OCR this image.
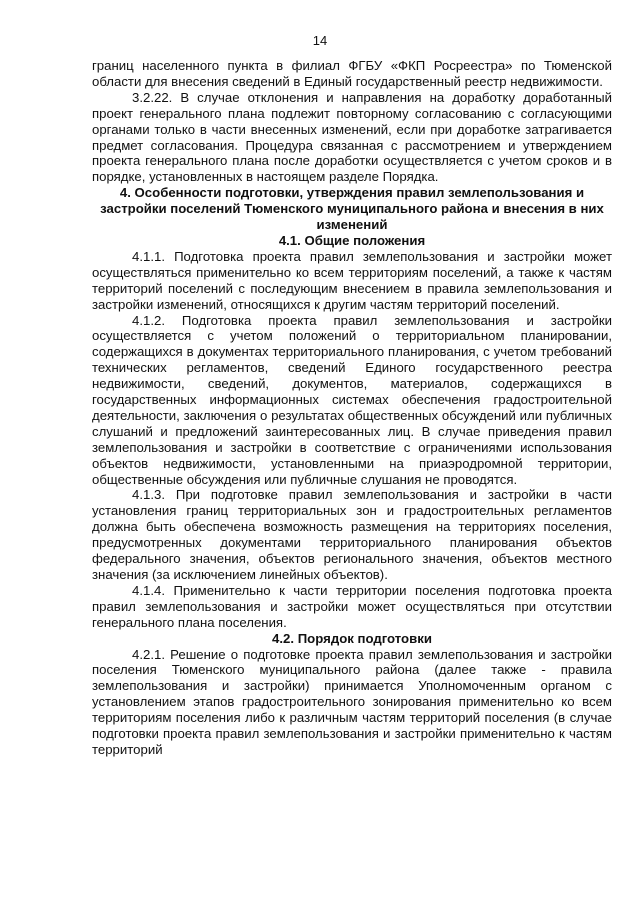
14

границ населенного пункта в филиал ФГБУ «ФКП Росреестра» по Тюменской области для внесения сведений в Единый государственный реестр недвижимости.

3.2.22. В случае отклонения и направления на доработку доработанный проект генерального плана подлежит повторному согласованию с согласующими органами только в части внесенных изменений, если при доработке затрагивается предмет согласования. Процедура связанная с рассмотрением и утверждением проекта генерального плана после доработки осуществляется с учетом сроков и в порядке, установленных в настоящем разделе Порядка.

4. Особенности подготовки, утверждения правил землепользования и застройки поселений Тюменского муниципального района и внесения в них изменений
4.1. Общие положения

4.1.1. Подготовка проекта правил землепользования и застройки может осуществляться применительно ко всем территориям поселений, а также к частям территорий поселений с последующим внесением в правила землепользования и застройки изменений, относящихся к другим частям территорий поселений.

4.1.2. Подготовка проекта правил землепользования и застройки осуществляется с учетом положений о территориальном планировании, содержащихся в документах территориального планирования, с учетом требований технических регламентов, сведений Единого государственного реестра недвижимости, сведений, документов, материалов, содержащихся в государственных информационных системах обеспечения градостроительной деятельности, заключения о результатах общественных обсуждений или публичных слушаний и предложений заинтересованных лиц. В случае приведения правил землепользования и застройки в соответствие с ограничениями использования объектов недвижимости, установленными на приаэродромной территории, общественные обсуждения или публичные слушания не проводятся.

4.1.3. При подготовке правил землепользования и застройки в части установления границ территориальных зон и градостроительных регламентов должна быть обеспечена возможность размещения на территориях поселения, предусмотренных документами территориального планирования объектов федерального значения, объектов регионального значения, объектов местного значения (за исключением линейных объектов).

4.1.4. Применительно к части территории поселения подготовка проекта правил землепользования и застройки может осуществляться при отсутствии генерального плана поселения.

4.2. Порядок подготовки

4.2.1. Решение о подготовке проекта правил землепользования и застройки поселения Тюменского муниципального района (далее также - правила землепользования и застройки) принимается Уполномоченным органом с установлением этапов градостроительного зонирования применительно ко всем территориям поселения либо к различным частям территорий поселения (в случае подготовки проекта правил землепользования и застройки применительно к частям территорий
